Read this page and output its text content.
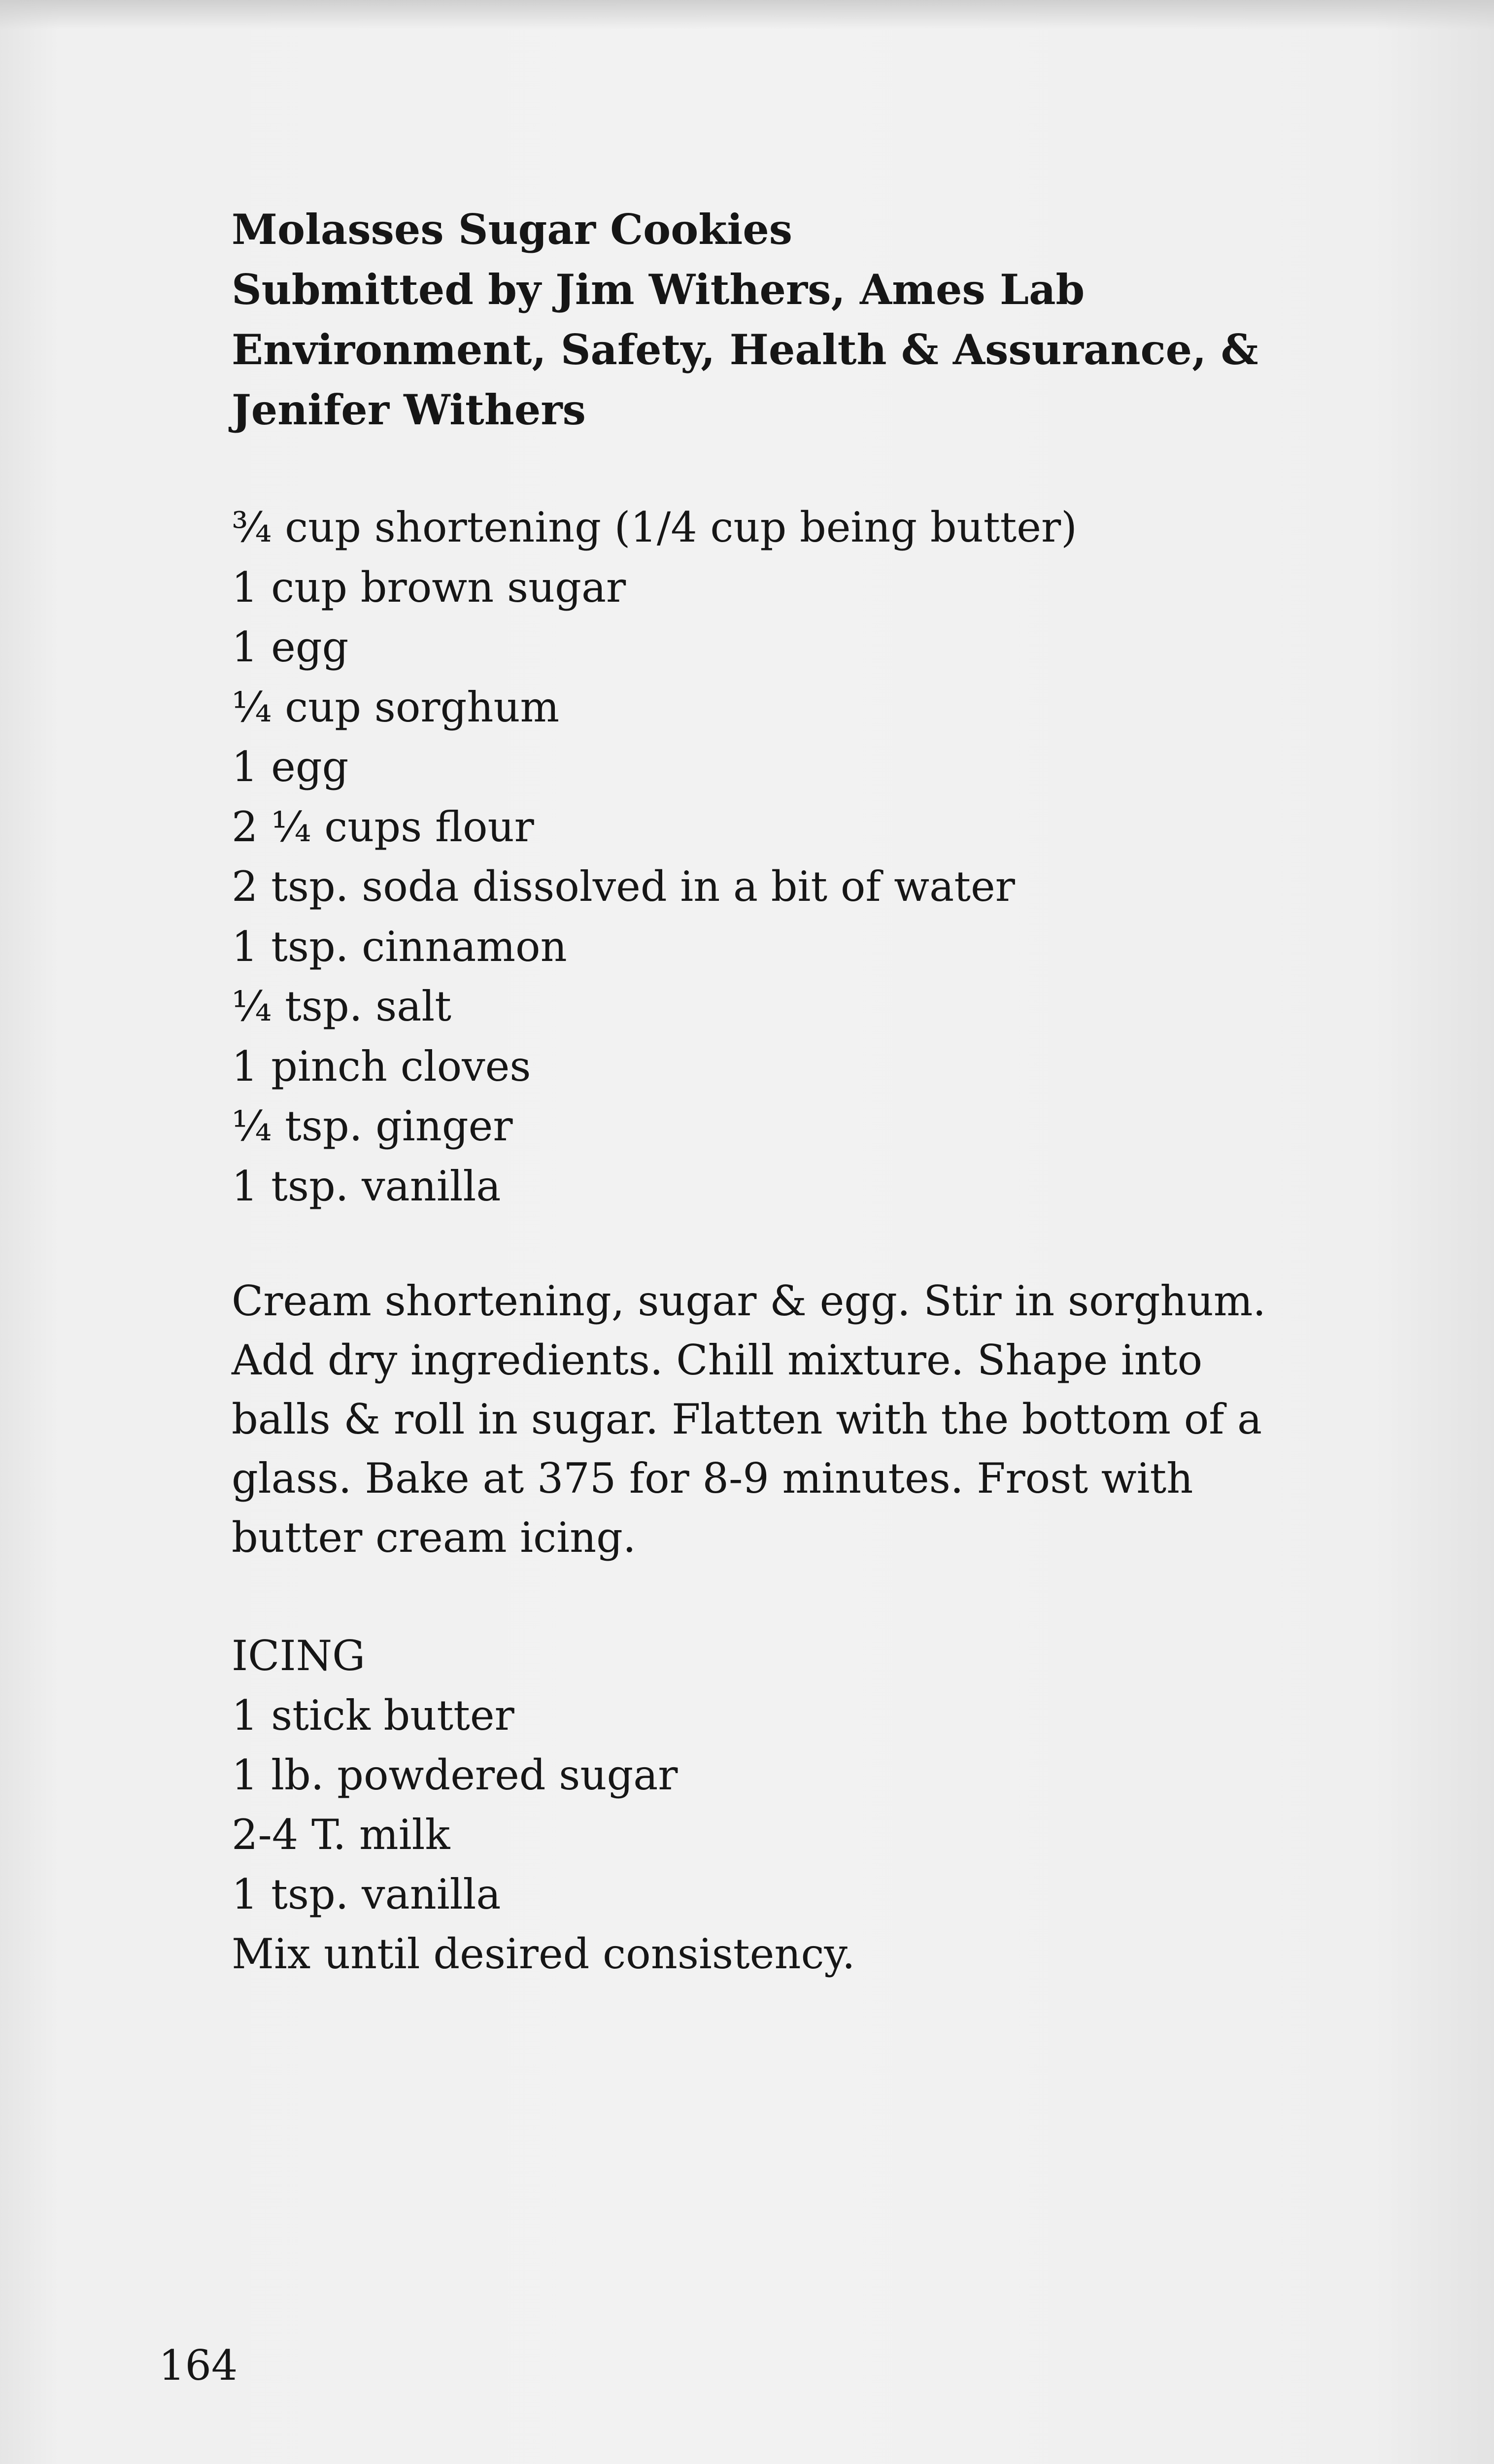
Molasses Sugar Cookies
Submitted by Jim Withers, Ames Lab
Environment, Safety, Health & Assurance, &
Jenifer Withers
¾ cup shortening (1/4 cup being butter)
1 cup brown sugar
1 egg
¼ cup sorghum
1 egg
2 ¼ cups flour
2 tsp. soda dissolved in a bit of water
1 tsp. cinnamon
¼ tsp. salt
1 pinch cloves
¼ tsp. ginger
1 tsp. vanilla
Cream shortening, sugar & egg. Stir in sorghum.
Add dry ingredients. Chill mixture. Shape into
balls & roll in sugar. Flatten with the bottom of a
glass. Bake at 375 for 8-9 minutes. Frost with
butter cream icing.
ICING
1 stick butter
1 lb. powdered sugar
2-4 T. milk
1 tsp. vanilla
Mix until desired consistency.
164
